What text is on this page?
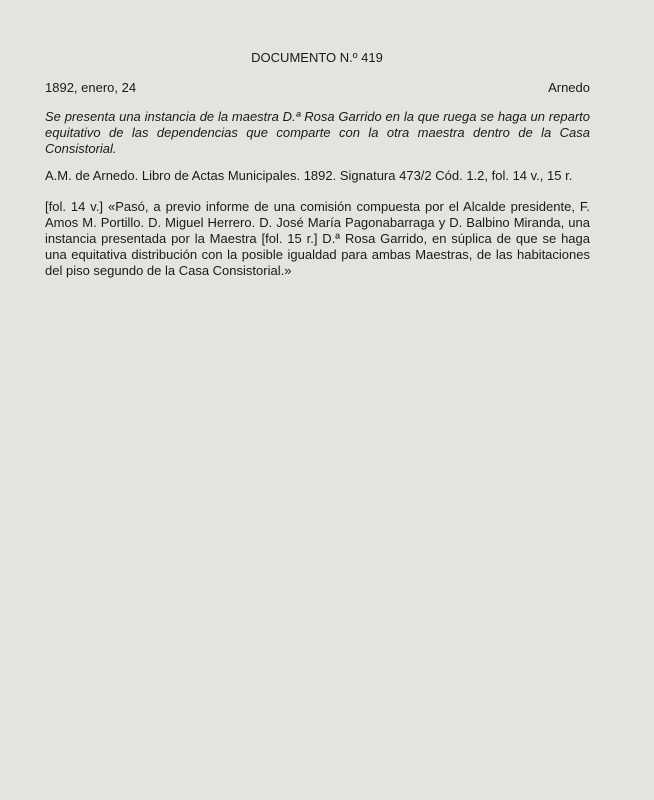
DOCUMENTO N.º 419
1892, enero, 24	Arnedo

Se presenta una instancia de la maestra D.ª Rosa Garrido en la que ruega se haga un reparto equitativo de las dependencias que comparte con la otra maestra dentro de la Casa Consistorial.

A.M. de Arnedo. Libro de Actas Municipales. 1892. Signatura 473/2 Cód. 1.2, fol. 14 v., 15 r.

[fol. 14 v.] «Pasó, a previo informe de una comisión compuesta por el Alcalde presidente, F. Amos M. Portillo. D. Miguel Herrero. D. José María Pagonabarraga y D. Balbino Miranda, una instancia presentada por la Maestra [fol. 15 r.] D.ª Rosa Garrido, en súplica de que se haga una equitativa distribución con la posible igualdad para ambas Maestras, de las habitaciones del piso segundo de la Casa Consistorial.»
